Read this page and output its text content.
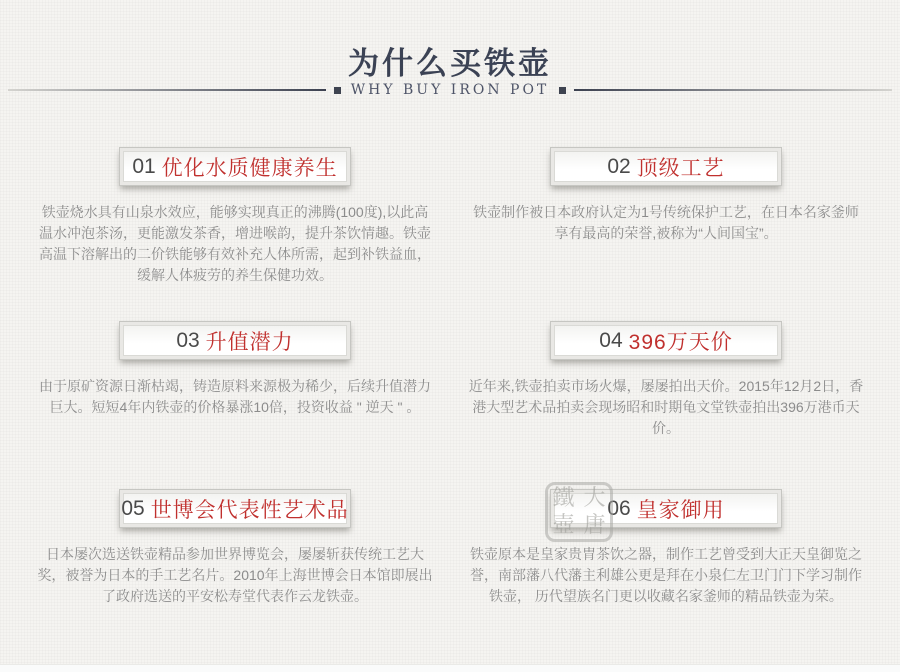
为什么买铁壶
WHY BUY IRON POT
01 优化水质健康养生
铁壶烧水具有山泉水效应，能够实现真正的沸腾(100度),以此高温水冲泡茶汤，更能激发茶香，增进喉韵，提升茶饮情趣。铁壶高温下溶解出的二价铁能够有效补充人体所需，起到补铁益血，缓解人体疲劳的养生保健功效。
02 顶级工艺
铁壶制作被日本政府认定为1号传统保护工艺，在日本名家釜师享有最高的荣誉,被称为“人间国宝”。
03 升值潜力
由于原矿资源日渐枯竭，铸造原料来源极为稀少，后续升值潜力巨大。短短4年内铁壶的价格暴涨10倍，投资收益 " 逆天 " 。
04 396万天价
近年来,铁壶拍卖市场火爆，屡屡拍出天价。2015年12月2日，香港大型艺术品拍卖会现场昭和时期龟文堂铁壶拍出396万港币天价。
05 世博会代表性艺术品
日本屡次选送铁壶精品参加世界博览会，屡屡斩获传统工艺大奖，被誉为日本的手工艺名片。2010年上海世博会日本馆即展出了政府选送的平安松寿堂代表作云龙铁壶。
06 皇家御用
铁壶原本是皇家贵胄茶饮之器，制作工艺曾受到大正天皇御览之誉，南部藩八代藩主利雄公更是拜在小泉仁左卫门门下学习制作铁壶， 历代望族名门更以收藏名家釜师的精品铁壶为荣。
鐵 大
壺 唐
